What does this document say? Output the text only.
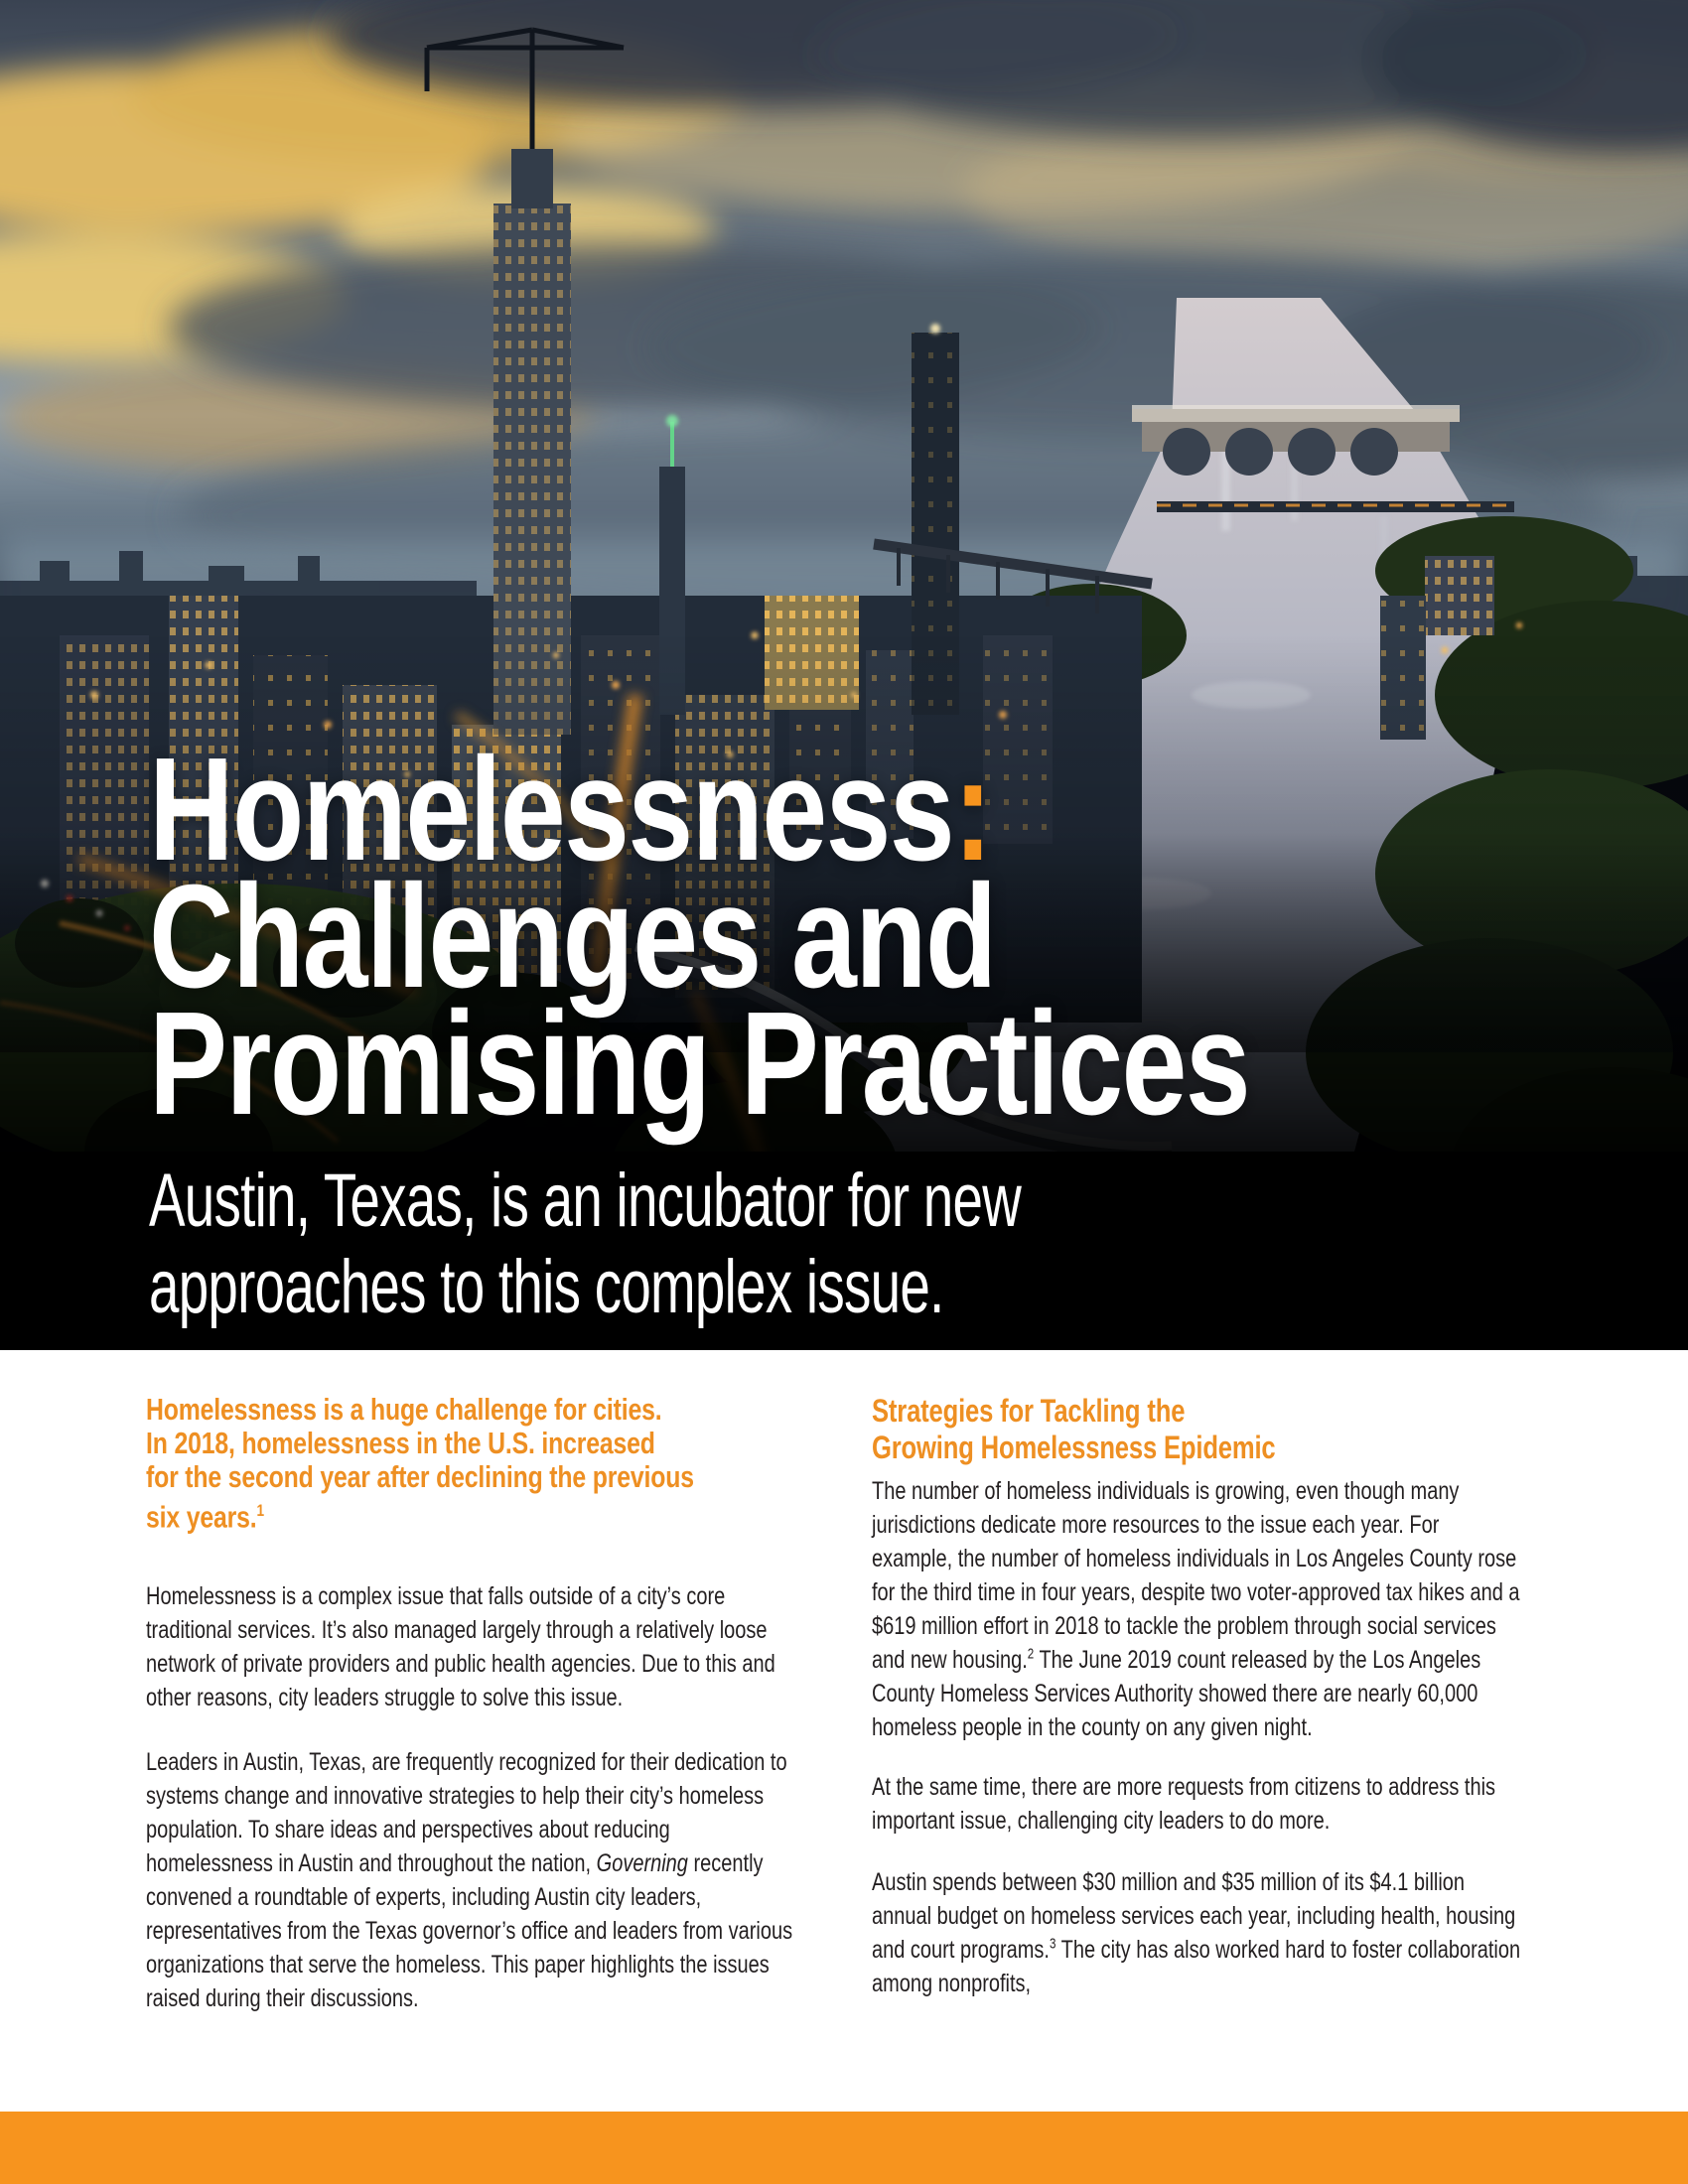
Homelessness:
Challenges and
Promising Practices
Austin, Texas, is an incubator for new
approaches to this complex issue.
Homelessness is a huge challenge for cities.
In 2018, homelessness in the U.S. increased
for the second year after declining the previous
six years.$^1$

Homelessness is a complex issue that falls outside of a city’s core traditional services. It’s also managed largely through a relatively loose network of private providers and public health agencies. Due to this and other reasons, city leaders struggle to solve this issue.

Leaders in Austin, Texas, are frequently recognized for their dedication to systems change and innovative strategies to help their city’s homeless population. To share ideas and perspectives about reducing homelessness in Austin and throughout the nation, Governing recently convened a roundtable of experts, including Austin city leaders, representatives from the Texas governor’s office and leaders from various organizations that serve the homeless. This paper highlights the issues raised during their discussions.

Strategies for Tackling the
Growing Homelessness Epidemic

The number of homeless individuals is growing, even though many jurisdictions dedicate more resources to the issue each year. For example, the number of homeless individuals in Los Angeles County rose for the third time in four years, despite two voter-approved tax hikes and a $619 million effort in 2018 to tackle the problem through social services and new housing.$^2$ The June 2019 count released by the Los Angeles County Homeless Services Authority showed there are nearly 60,000 homeless people in the county on any given night.

At the same time, there are more requests from citizens to address this important issue, challenging city leaders to do more.

Austin spends between $30 million and $35 million of its $4.1 billion annual budget on homeless services each year, including health, housing and court programs.$^3$ The city has also worked hard to foster collaboration among nonprofits,
